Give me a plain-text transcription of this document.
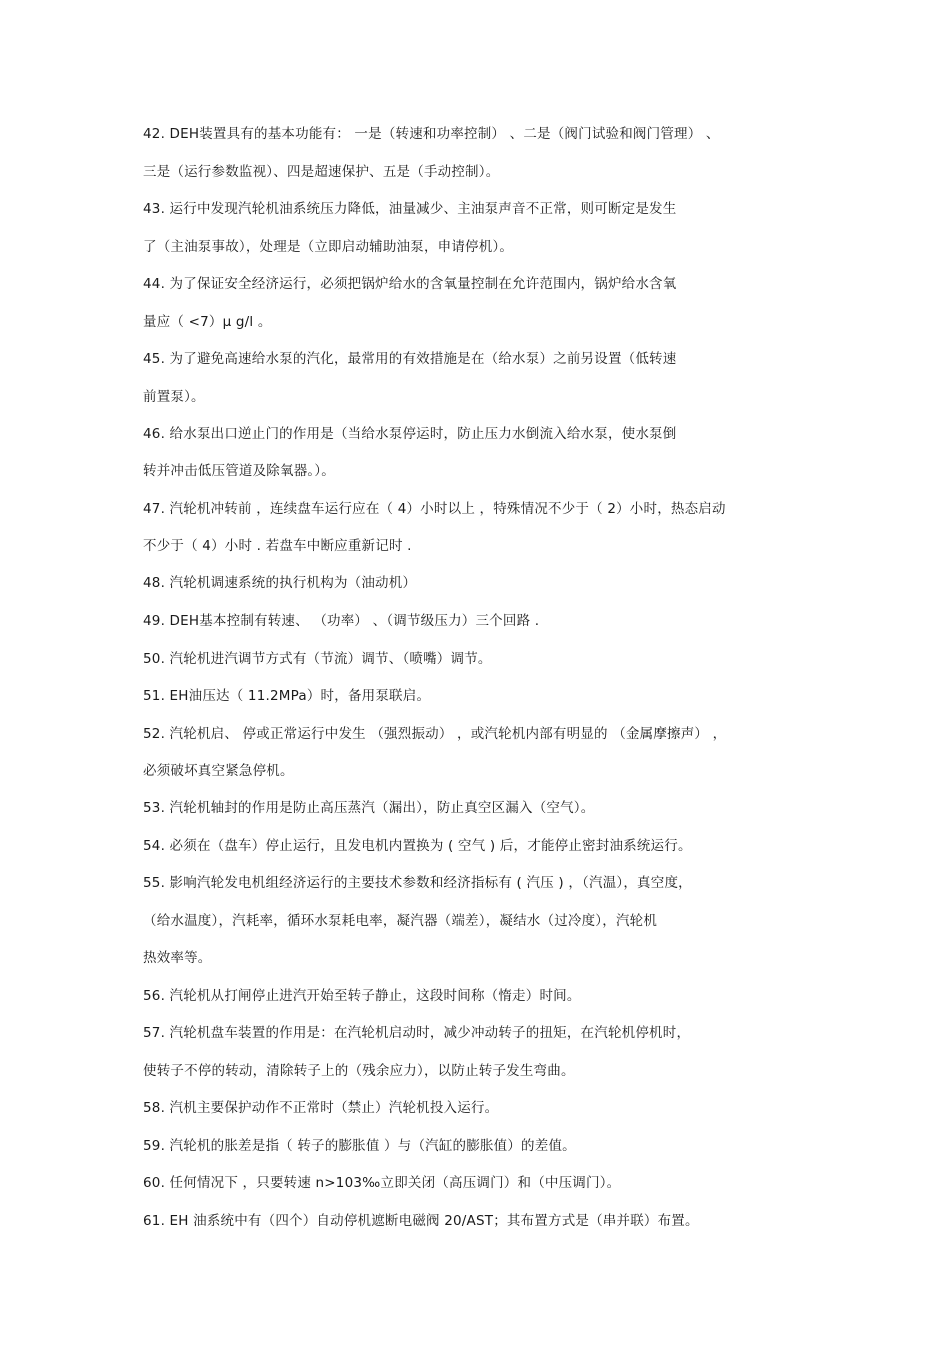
42. DEH装置具有的基本功能有： 一是（转速和功率控制） 、二是（阀门试验和阀门管理） 、
三是（运行参数监视）、四是超速保护、五是（手动控制）。
43. 运行中发现汽轮机油系统压力降低，油量减少、主油泵声音不正常，则可断定是发生
了（主油泵事故），处理是（立即启动辅助油泵，申请停机）。
44. 为了保证安全经济运行，必须把锅炉给水的含氧量控制在允许范围内，锅炉给水含氧
量应（ <7）μ g/l 。
45. 为了避免高速给水泵的汽化，最常用的有效措施是在（给水泵）之前另设置（低转速
前置泵）。
46. 给水泵出口逆止门的作用是（当给水泵停运时，防止压力水倒流入给水泵，使水泵倒
转并冲击低压管道及除氧器。）。
47. 汽轮机冲转前 ，连续盘车运行应在（ 4）小时以上 ，特殊情况不少于（ 2）小时，热态启动
不少于（ 4）小时 . 若盘车中断应重新记时 .
48. 汽轮机调速系统的执行机构为（油动机）
49. DEH基本控制有转速、 （功率） 、（调节级压力）三个回路 .
50. 汽轮机进汽调节方式有（节流）调节、（喷嘴）调节。
51. EH油压达（ 11.2MPa）时，备用泵联启。
52. 汽轮机启、 停或正常运行中发生 （强烈振动） ，或汽轮机内部有明显的 （金属摩擦声） ，
必须破坏真空紧急停机。
53. 汽轮机轴封的作用是防止高压蒸汽（漏出），防止真空区漏入（空气）。
54. 必须在（盘车）停止运行，且发电机内置换为 ( 空气 ) 后，才能停止密封油系统运行。
55. 影响汽轮发电机组经济运行的主要技术参数和经济指标有 ( 汽压 ) ，（汽温），真空度，
（给水温度），汽耗率，循环水泵耗电率，凝汽器（端差），凝结水（过冷度），汽轮机
热效率等。
56. 汽轮机从打闸停止进汽开始至转子静止，这段时间称（惰走）时间。
57. 汽轮机盘车装置的作用是：在汽轮机启动时，减少冲动转子的扭矩，在汽轮机停机时，
使转子不停的转动，清除转子上的（残余应力），以防止转子发生弯曲。
58. 汽机主要保护动作不正常时（禁止）汽轮机投入运行。
59. 汽轮机的胀差是指（ 转子的膨胀值 ）与（汽缸的膨胀值）的差值。
60. 任何情况下 ，只要转速 n>103‰立即关闭（高压调门）和（中压调门）。
61. EH 油系统中有（四个）自动停机遮断电磁阀 20/AST；其布置方式是（串并联）布置。
